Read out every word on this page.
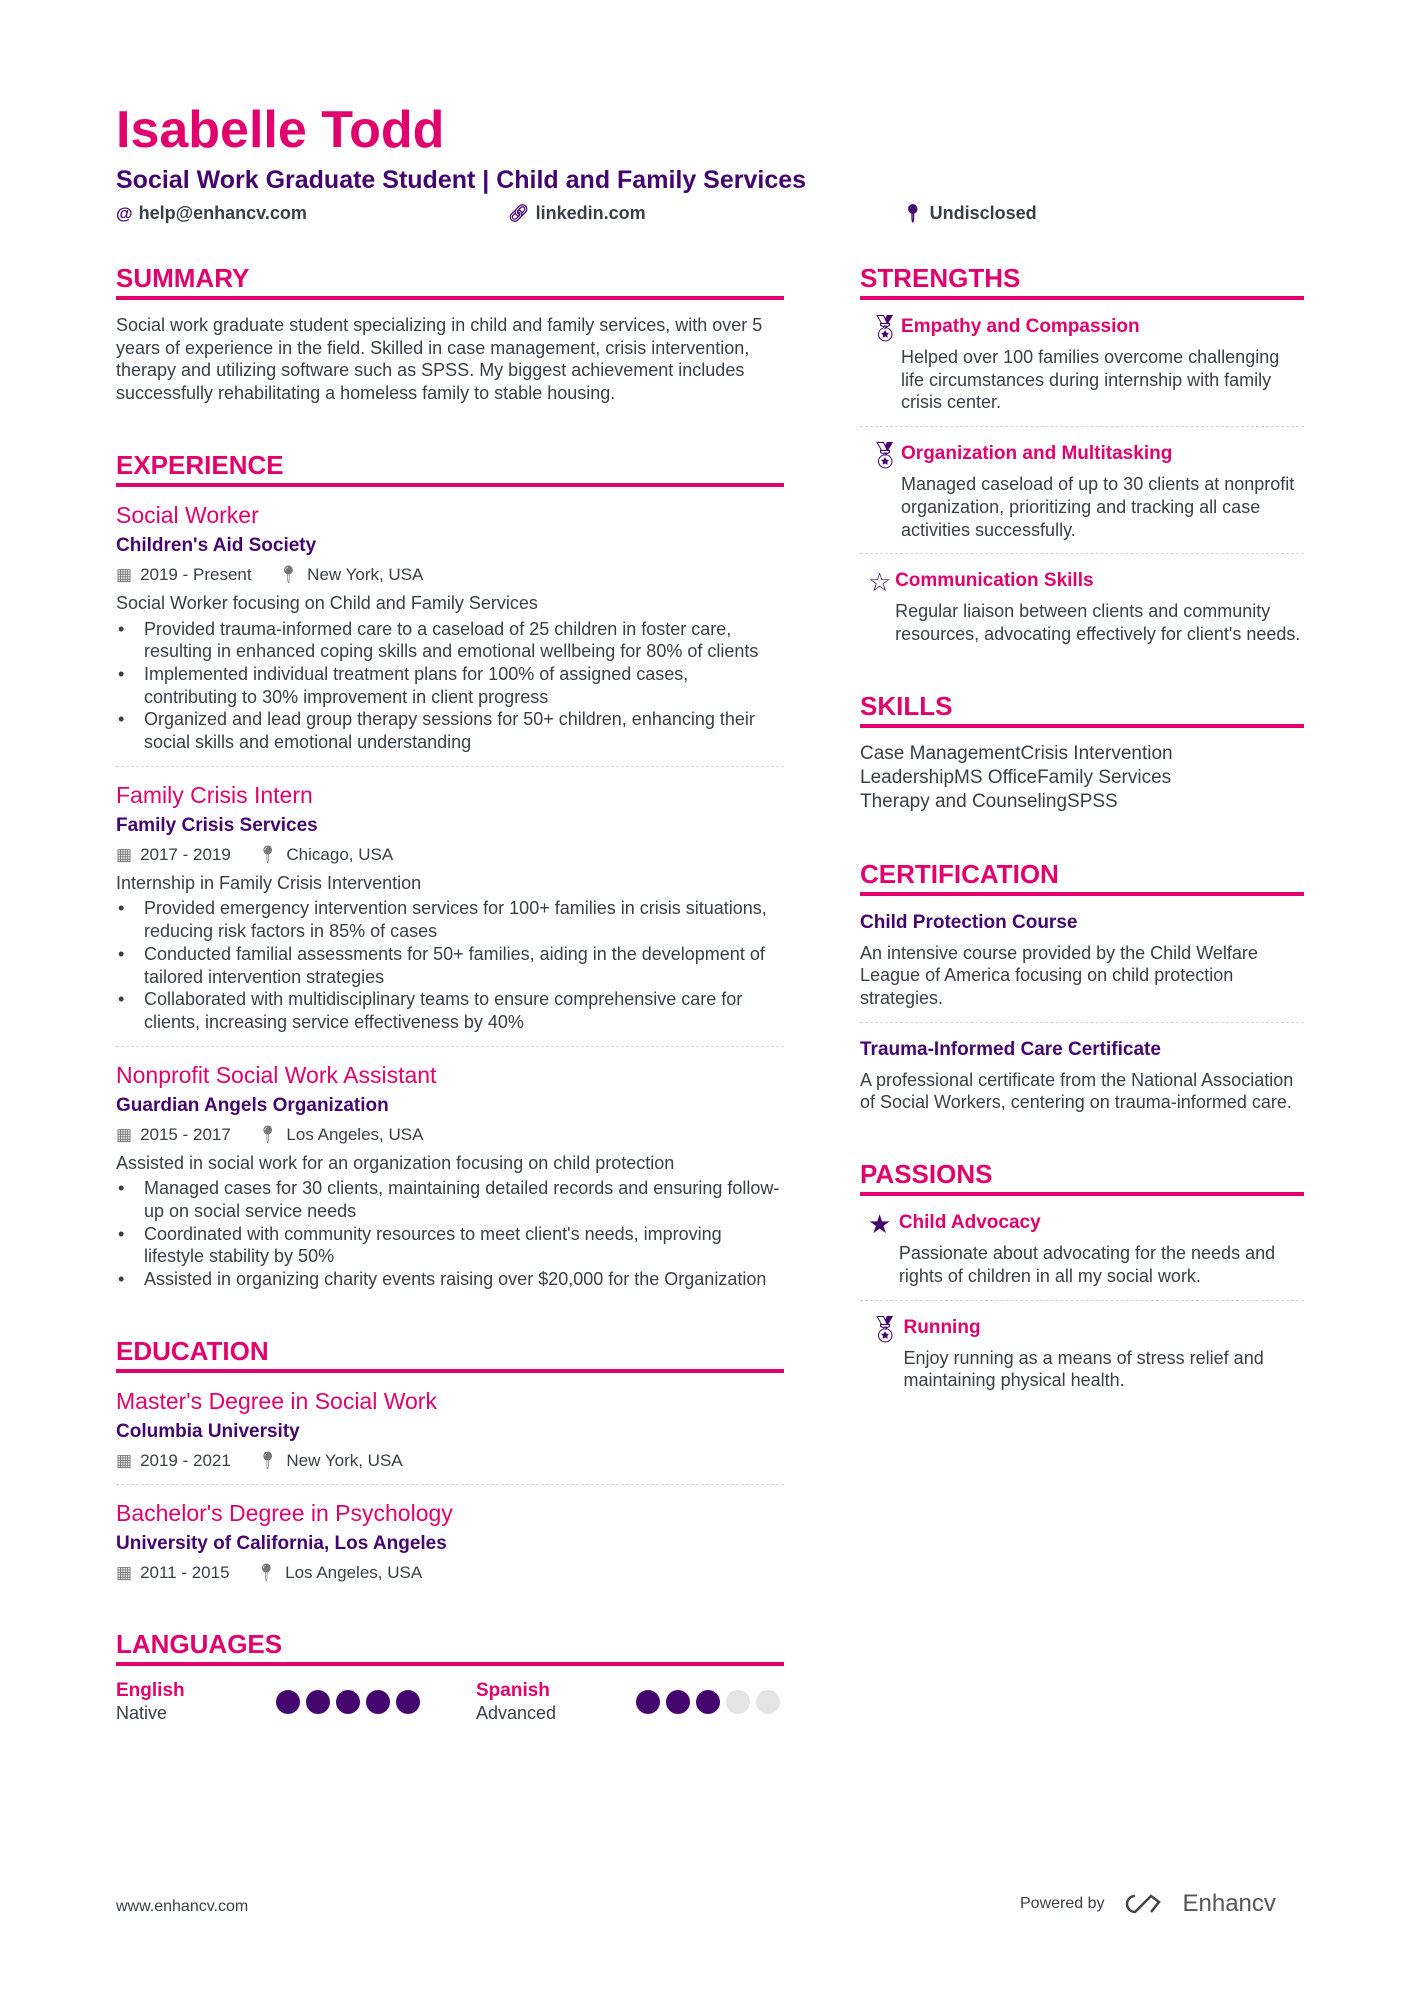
Isabelle Todd
Social Work Graduate Student | Child and Family Services
@ help@enhancv.com	🔗︎ linkedin.com	📍︎ Undisclosed
SUMMARY

Social work graduate student specializing in child and family services, with over 5 years of experience in the field. Skilled in case management, crisis intervention, therapy and utilizing software such as SPSS. My biggest achievement includes successfully rehabilitating a homeless family to stable housing.

EXPERIENCE
Social Worker
Children's Aid Society
▦ 2019 - Present 📍︎ New York, USA

Social Worker focusing on Child and Family Services

• Provided trauma-informed care to a caseload of 25 children in foster care, resulting in enhanced coping skills and emotional wellbeing for 80% of clients
• Implemented individual treatment plans for 100% of assigned cases, contributing to 30% improvement in client progress
• Organized and lead group therapy sessions for 50+ children, enhancing their social skills and emotional understanding
Family Crisis Intern
Family Crisis Services
▦ 2017 - 2019 📍︎ Chicago, USA

Internship in Family Crisis Intervention

• Provided emergency intervention services for 100+ families in crisis situations, reducing risk factors in 85% of cases
• Conducted familial assessments for 50+ families, aiding in the development of tailored intervention strategies
• Collaborated with multidisciplinary teams to ensure comprehensive care for clients, increasing service effectiveness by 40%
Nonprofit Social Work Assistant
Guardian Angels Organization
▦ 2015 - 2017 📍︎ Los Angeles, USA

Assisted in social work for an organization focusing on child protection

• Managed cases for 30 clients, maintaining detailed records and ensuring follow-up on social service needs
• Coordinated with community resources to meet client's needs, improving lifestyle stability by 50%
• Assisted in organizing charity events raising over $20,000 for the Organization
EDUCATION
Master's Degree in Social Work
Columbia University
▦ 2019 - 2021 📍︎ New York, USA
Bachelor's Degree in Psychology
University of California, Los Angeles
▦ 2011 - 2015 📍︎ Los Angeles, USA
LANGUAGES
English
Native
Spanish
Advanced
STRENGTHS
🏅︎ Empathy and Compassion

Helped over 100 families overcome challenging life circumstances during internship with family crisis center.

🏅︎ Organization and Multitasking

Managed caseload of up to 30 clients at nonprofit organization, prioritizing and tracking all case activities successfully.

☆ Communication Skills

Regular liaison between clients and community resources, advocating effectively for client's needs.

SKILLS
Case ManagementCrisis Intervention
LeadershipMS OfficeFamily Services
Therapy and CounselingSPSS
CERTIFICATION
Child Protection Course

An intensive course provided by the Child Welfare League of America focusing on child protection strategies.

Trauma-Informed Care Certificate

A professional certificate from the National Association of Social Workers, centering on trauma-informed care.

PASSIONS
★ Child Advocacy

Passionate about advocating for the needs and rights of children in all my social work.

🏅︎ Running

Enjoy running as a means of stress relief and maintaining physical health.

www.enhancv.com	Powered by	Enhancv
